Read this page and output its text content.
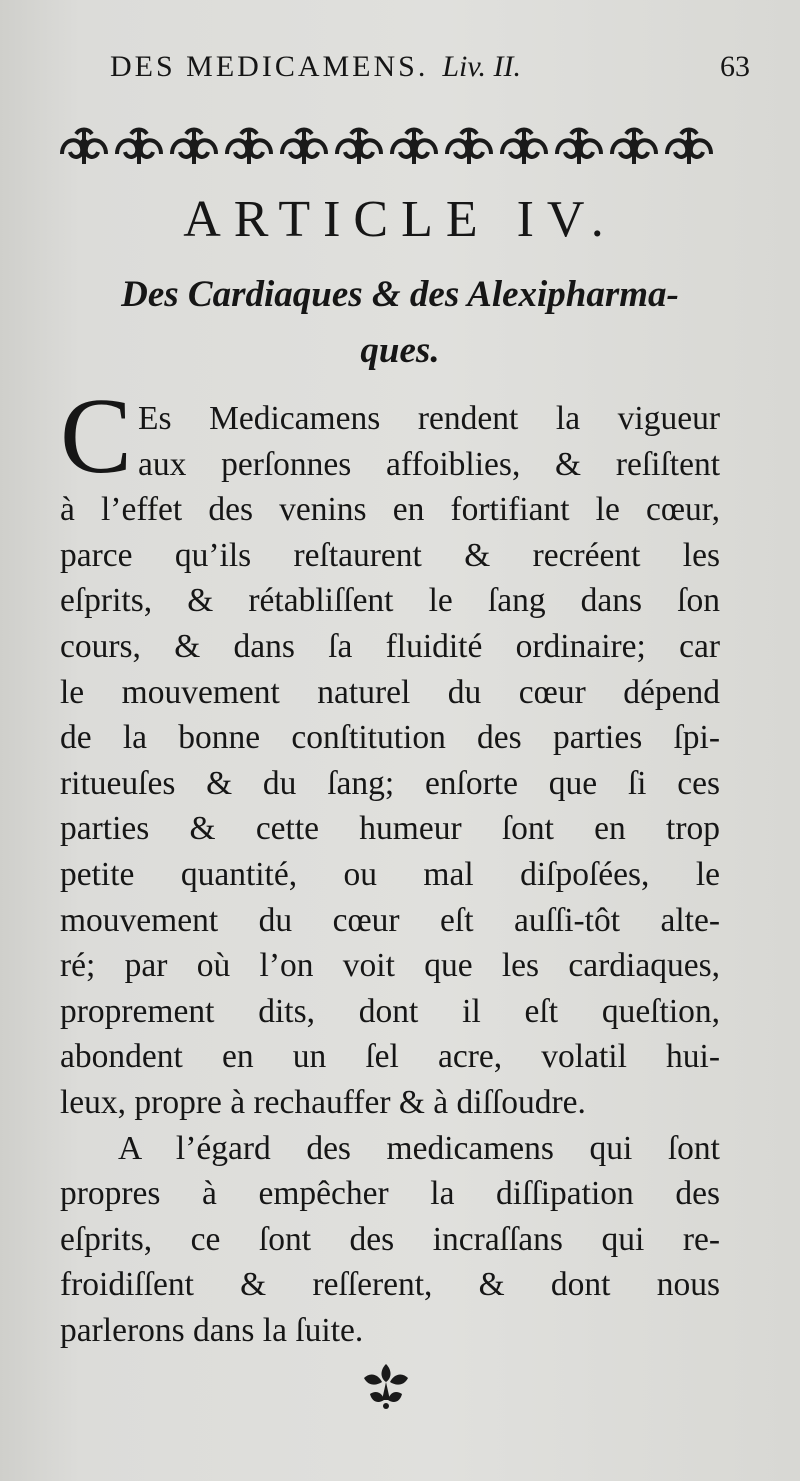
DES MEDICAMENS. Liv. II.	63
ARTICLE IV.
Des Cardiaques & des Alexipharma-
ques.
C Es Medicamens rendent la vigueur
aux perſonnes affoiblies, & reſiſtent
à l’effet des venins en fortifiant le cœur,
parce qu’ils reſtaurent & recréent les
eſprits, & rétabliſſent le ſang dans ſon
cours, & dans ſa fluidité ordinaire; car
le mouvement naturel du cœur dépend
de la bonne conſtitution des parties ſpi-
ritueuſes & du ſang; enſorte que ſi ces
parties & cette humeur ſont en trop
petite quantité, ou mal diſpoſées, le
mouvement du cœur eſt auſſi-tôt alte-
ré; par où l’on voit que les cardiaques,
proprement dits, dont il eſt queſtion,
abondent en un ſel acre, volatil hui-
leux, propre à rechauffer & à diſſoudre.
A l’égard des medicamens qui ſont
propres à empêcher la diſſipation des
eſprits, ce ſont des incraſſans qui re-
froidiſſent & reſſerent, & dont nous
parlerons dans la ſuite.
